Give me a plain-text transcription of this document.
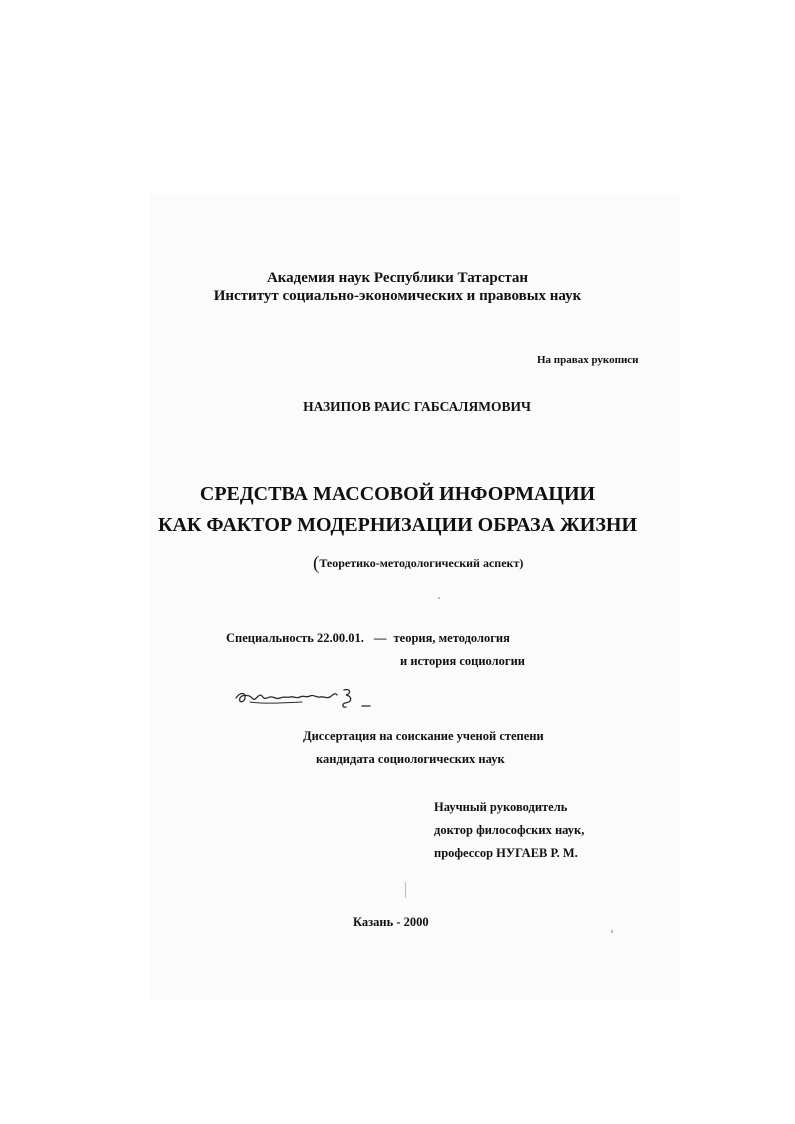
Академия наук Республики Татарстан
Институт социально-экономических и правовых наук
На правах рукописи
НАЗИПОВ РАИС ГАБСАЛЯМОВИЧ
СРЕДСТВА МАССОВОЙ ИНФОРМАЦИИ
КАК ФАКТОР МОДЕРНИЗАЦИИ ОБРАЗА ЖИЗНИ
(Теоретико-методологический аспект)
Специальность 22.00.01. — теория, методология
и история социологии
Диссертация на соискание ученой степени
кандидата социологических наук
Научный руководитель
доктор философских наук,
профессор НУГАЕВ Р. М.
Казань - 2000
